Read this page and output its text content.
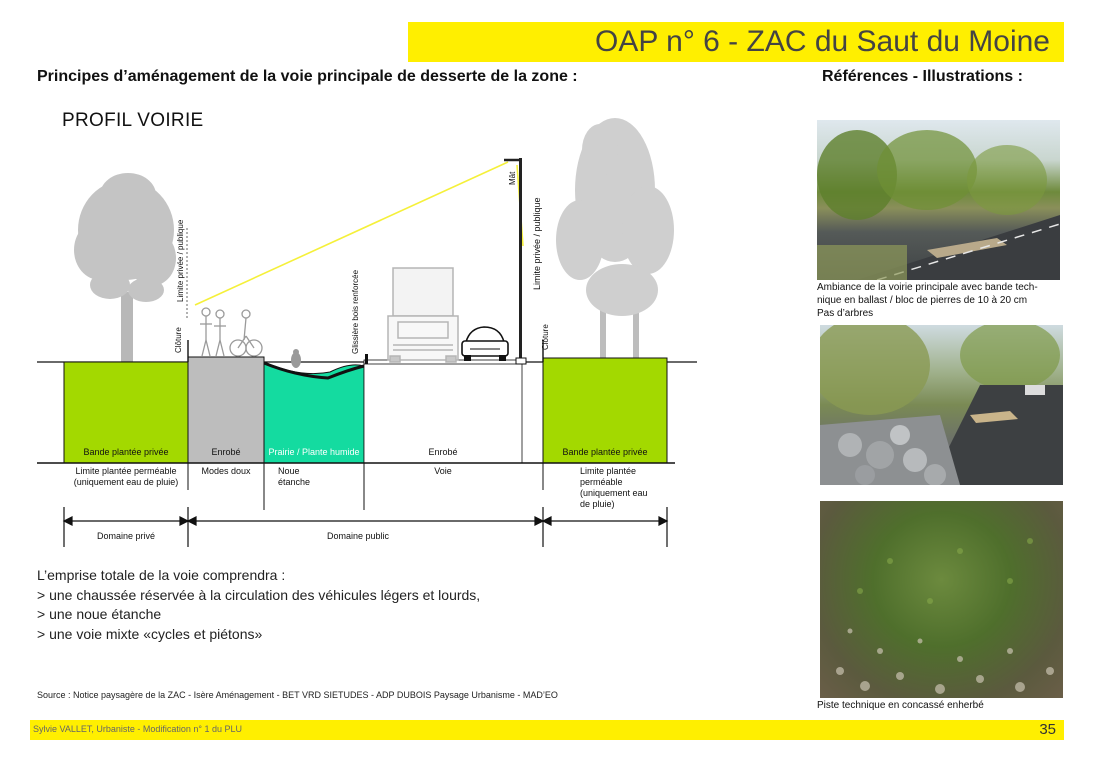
OAP n° 6 - ZAC du Saut du Moine
Principes d’aménagement de la voie principale de desserte de la zone :	Références - Illustrations :
PROFIL VOIRIE
Clôture
Limite privée / publique
Glissière bois renforcée
Mât
Limite privée / publique
Clôture
Bande plantée privée	Enrobé	Prairie / Plante humide	Enrobé	Bande plantée privée
Limite plantée perméable
(uniquement eau de pluie)
Modes doux	Noue
étanche
Voie	Limite plantée
perméable
(uniquement eau
de pluie)
Domaine privé	Domaine public
L’emprise totale de la voie comprendra :
> une chaussée réservée à la circulation des véhicules légers et lourds,
> une noue étanche
> une voie mixte «cycles et piétons»
Source : Notice paysagère de la ZAC - Isère Aménagement - BET VRD SIETUDES - ADP DUBOIS Paysage Urbanisme - MAD’EO
Ambiance de la voirie principale avec bande tech-
nique en ballast / bloc de pierres de 10 à 20 cm
Pas d’arbres
Piste technique en concassé enherbé
Sylvie VALLET, Urbaniste - Modification n° 1 du PLU	35
